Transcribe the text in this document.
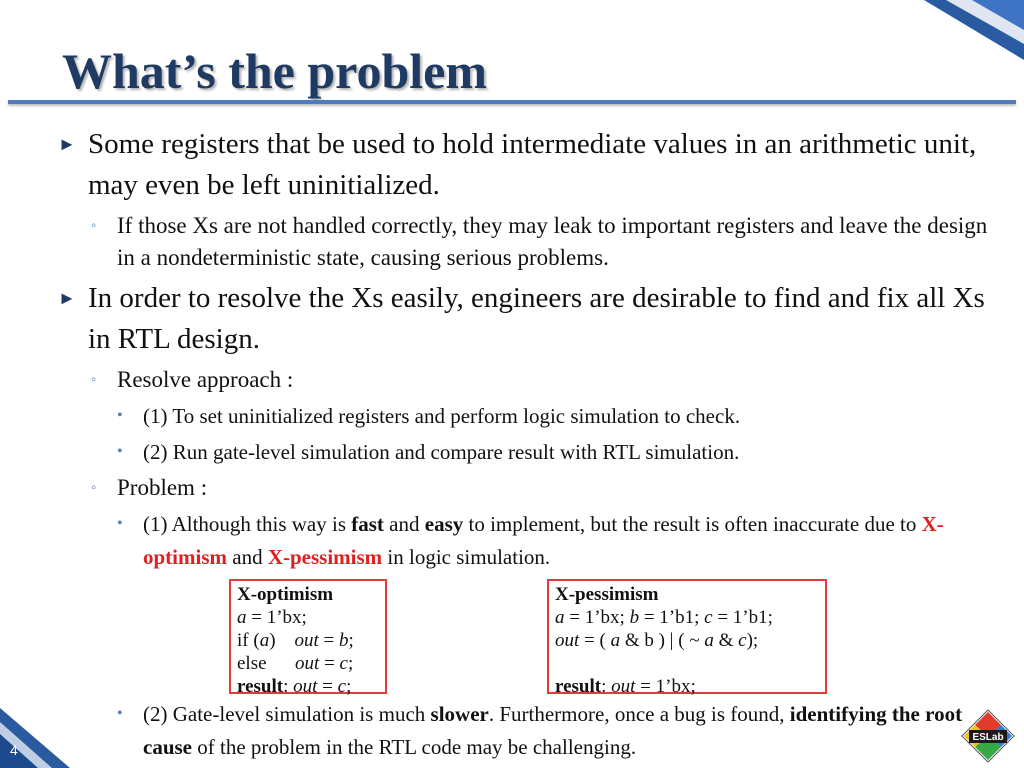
What’s the problem
► Some registers that be used to hold intermediate values in an arithmetic unit, may even be left uninitialized.
◦ If those Xs are not handled correctly, they may leak to important registers and leave the design in a nondeterministic state, causing serious problems.
► In order to resolve the Xs easily, engineers are desirable to find and fix all Xs in RTL design.
◦ Resolve approach :
• (1) To set uninitialized registers and perform logic simulation to check.
• (2) Run gate-level simulation and compare result with RTL simulation.
◦ Problem :
• (1) Although this way is fast and easy to implement, but the result is often inaccurate due to X-optimism and X-pessimism in logic simulation.
X-optimism
a = 1’bx;
if (a)    out = b;
else      out = c;
result: out = c;
X-pessimism
a = 1’bx; b = 1’b1; c = 1’b1;
out = ( a & b ) | ( ~ a & c);

result: out = 1’bx;
• (2) Gate-level simulation is much slower. Furthermore, once a bug is found, identifying the root cause of the problem in the RTL code may be challenging.
4
ESLab
